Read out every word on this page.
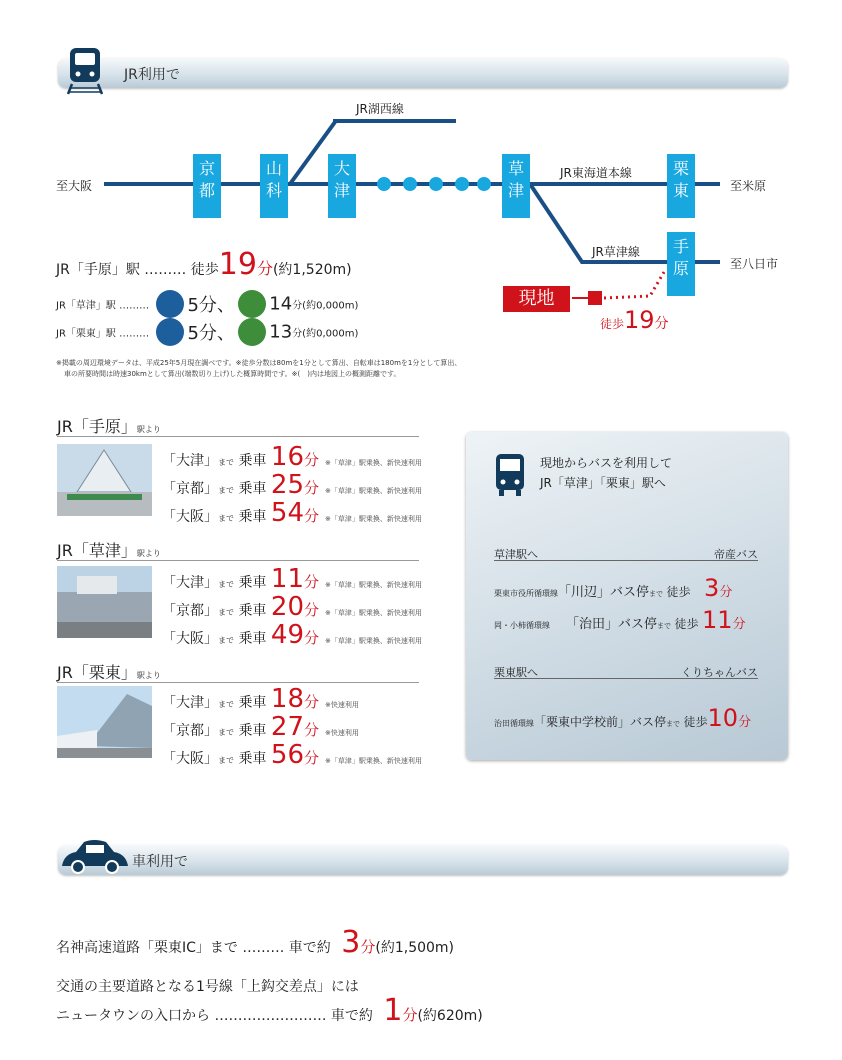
JR利用で
京
都
山
科
大
津
草
津
栗
東
手
原
JR湖西線
JR東海道本線
JR草津線
至大阪	至米原
至八日市
現地
徒歩19分
JR「手原」駅 ……… 徒歩19分(約1,520m)
JR「草津」駅 ……… 5分、 14分(約0,000m)
JR「栗東」駅 ……… 5分、 13分(約0,000m)
※掲載の周辺環境データは、平成25年5月現在調べです。※徒歩分数は80mを1分として算出、自転車は180mを1分として算出、
車の所要時間は時速30kmとして算出(端数切り上げ)した概算時間です。※(　)内は地図上の概測距離です。
JR「手原」駅より
「大津」まで 乗車 16分 ※「草津」駅乗換、新快速利用
「京都」まで 乗車 25分 ※「草津」駅乗換、新快速利用
「大阪」まで 乗車 54分 ※「草津」駅乗換、新快速利用
JR「草津」駅より
「大津」まで 乗車 11分 ※「草津」駅乗換、新快速利用
「京都」まで 乗車 20分 ※「草津」駅乗換、新快速利用
「大阪」まで 乗車 49分 ※「草津」駅乗換、新快速利用
JR「栗東」駅より
「大津」まで 乗車 18分 ※快速利用
「京都」まで 乗車 27分 ※快速利用
「大阪」まで 乗車 56分 ※「草津」駅乗換、新快速利用
現地からバスを利用して
JR「草津」「栗東」駅へ
草津駅へ	帝産バス
栗東市役所循環線「川辺」バス停まで 徒歩 3分
岡・小柿循環線 「治田」バス停まで 徒歩 11分
栗東駅へ	くりちゃんバス
治田循環線「栗東中学校前」バス停まで 徒歩10分
車利用で
名神高速道路「栗東IC」まで ……… 車で約 3分(約1,500m)
交通の主要道路となる1号線「上鈎交差点」には
ニュータウンの入口から …………………… 車で約 1分(約620m)
